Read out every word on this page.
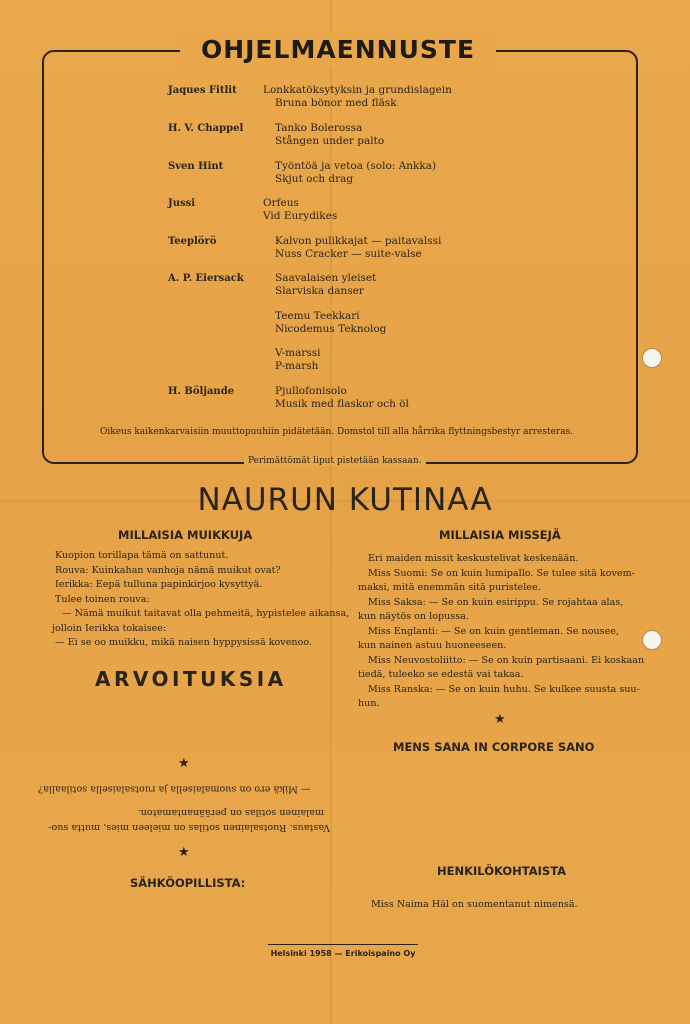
OHJELMAENNUSTE
Jaques Fitlit	Lonkkatöksytyksin ja grundislagein
Bruna bönor med fläsk
H. V. Chappel	Tanko Bolerossa
Stången under palto
Sven Hint	Työntöä ja vetoa (solo: Ankka)
Skjut och drag
Jussi	Orfeus
Vid Eurydikes
Teeplörö	Kalvon pulikkajat — paitavalssi
Nuss Cracker — suite-valse
A. P. Eiersack	Saavalaisen yleiset
Slarviska danser
Teemu Teekkari
Nicodemus Teknolog
V-marssi
P-marsh
H. Böljande	Pjullofonisolo
Musik med flaskor och öl
Oikeus kaikenkarvaisiin muuttopuuhiin pidätetään. Domstol till alla hårrika flyttningsbestyr arresteras.
Perimättömät liput pistetään kassaan.
NAURUN KUTINAA
MILLAISIA MUIKKUJA
Kuopion torillapa tämä on sattunut.
Rouva: Kuinkahan vanhoja nämä muikut ovat?
Ierikka: Eepä tulluna papinkirjoo kysyttyä.
Tulee toinen rouva:
— Nämä muikut taitavat olla pehmeitä, hypistelee aikansa,
jolloin Ierikka tokaisee:
— Ei se oo muikku, mikä naisen hyppysissä kovenoo.
ARVOITUKSIA
★
— Mikä ero on suomalaisella ja ruotsalaisella sotilaalla?
Vastaus. Ruotsalainen sotilas on mieleen mies, mutta suo-
malainen sotilas on peräänantamaton.
★
SÄHKÖOPILLISTA:
MILLAISIA MISSEJÄ
Eri maiden missit keskustelivat keskenään.
Miss Suomi: Se on kuin lumipallo. Se tulee sitä kovem-
maksi, mitä enemmän sitä puristelee.
Miss Saksa: — Se on kuin esirippu. Se rojahtaa alas,
kun näytös on lopussa.
Miss Englanti: — Se on kuin gentleman. Se nousee,
kun nainen astuu huoneeseen.
Miss Neuvostoliitto: — Se on kuin partisaani. Ei koskaan
tiedä, tuleeko se edestä vai takaa.
Miss Ranska: — Se on kuin huhu. Se kulkee suusta suu-
hun.
★
MENS SANA IN CORPORE SANO
HENKILÖKOHTAISTA
Miss Naima Häl on suomentanut nimensä.
Helsinki 1958 — Erikoispaino Oy
